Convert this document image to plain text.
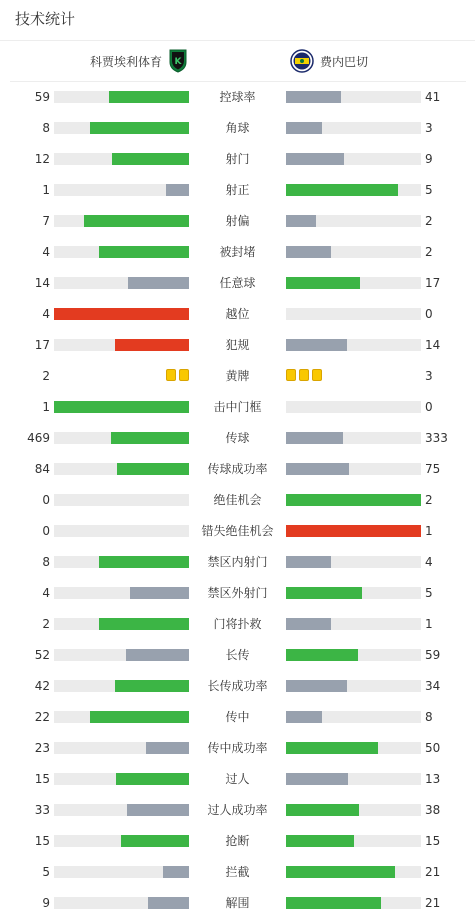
技术统计
科贾埃利体育 K	费内巴切
59	控球率	41
8	角球	3
12	射门	9
1	射正	5
7	射偏	2
4	被封堵	2
14	任意球	17
4	越位	0
17	犯规	14
2	黄牌	3
1	击中门框	0
469	传球	333
84	传球成功率	75
0	绝佳机会	2
0	错失绝佳机会	1
8	禁区内射门	4
4	禁区外射门	5
2	门将扑救	1
52	长传	59
42	长传成功率	34
22	传中	8
23	传中成功率	50
15	过人	13
33	过人成功率	38
15	抢断	15
5	拦截	21
9	解围	21
